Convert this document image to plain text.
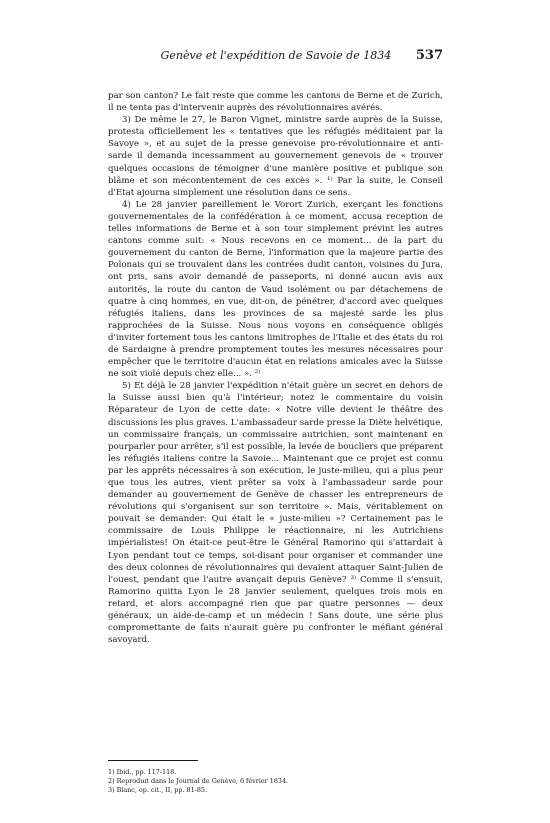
Genève et l'expédition de Savoie de 1834	537

par son canton? Le fait reste que comme les cantons de Berne et de Zurich, il ne tenta pas d'intervenir auprès des révolutionnaires avérés.

3) De même le 27, le Baron Vignet, ministre sarde auprès de la Suisse, protesta officiellement les « tentatives que les réfugiés méditaient par la Savoye », et au sujet de la presse genevoise pro-révolutionnaire et anti-sarde il demanda incessamment au gouvernement genevois de « trouver quelques occasions de témoigner d'une manière positive et publique son blâme et son mécontentement de ces excès ». ¹⁾ Par la suite, le Conseil d'Etat ajourna simplement une résolution dans ce sens.

4) Le 28 janvier pareillement le Vorort Zurich, exerçant les fonctions gouvernementales de la confédération à ce moment, accusa reception de telles informations de Berne et à son tour simplement prévint les autres cantons comme suit: « Nous recevons en ce moment... de la part du gouvernement du canton de Berne, l'information que la majeure partie des Polonais qui se trouvaient dans les contrées dudit canton, voisines du Jura, ont pris, sans avoir demandé de passeports, ni donné aucun avis aux autorités, la route du canton de Vaud isolément ou par détachemens de quatre à cinq hommes, en vue, dit-on, de pénétrer, d'accord avec quelques réfugiés italiens, dans les provinces de sa majesté sarde les plus rapprochées de la Suisse. Nous nous voyons en conséquence obligés d'inviter fortement tous les cantons limitrophes de l'Italie et des états du roi de Sardaigne à prendre promptement toutes les mesures nécessaires pour empêcher que le territoire d'aucun état en relations amicales avec la Suisse ne soit violé depuis chez elle... ». ²⁾

5) Et déjà le 28 janvier l'expédition n'était guère un secret en dehors de la Suisse aussi bien qu'à l'intérieur; notez le commentaire du voisin Réparateur de Lyon de cette date: « Notre ville devient le théâtre des discussions les plus graves. L'ambassadeur sarde presse la Diète helvétique, un commissaire français, un commissaire autrichien, sont maintenant en pourparler pour arrêter, s'il est possible, la levée de boucliers que préparent les réfugiés italiens contre la Savoie... Maintenant que ce projet est connu par les apprêts nécessaires à son exécution, le juste-milieu, qui a plus peur que tous les autres, vient prêter sa voix à l'ambassadeur sarde pour demander au gouvernement de Genève de chasser les entrepreneurs de révolutions qui s'organisent sur son territoire ». Mais, véritablement on pouvait se demander: Qui était le « juste-milieu »? Certainement pas le commissaire de Louis Philippe le réactionnaire, ni les Autrichiens impérialistes! On était-ce peut-être le Général Ramorino qui s'attardait à Lyon pendant tout ce temps, soi-disant pour organiser et commander une des deux colonnes de révolutionnaires qui devaient attaquer Saint-Julien de l'ouest, pendant que l'autre avançait depuis Genève? ³⁾ Comme il s'ensuit, Ramorino quitta Lyon le 28 janvier seulement, quelques trois mois en retard, et alors accompagné rien que par quatre personnes — deux généraux, un aide-de-camp et un médecin ! Sans doute, une série plus compromettante de faits n'aurait guère pu confronter le méfiant général savoyard.

1) Ibid., pp. 117-118.
2) Reproduit dans le Journal de Genève, 6 février 1834.
3) Blanc, op. cit., II, pp. 81-85.
